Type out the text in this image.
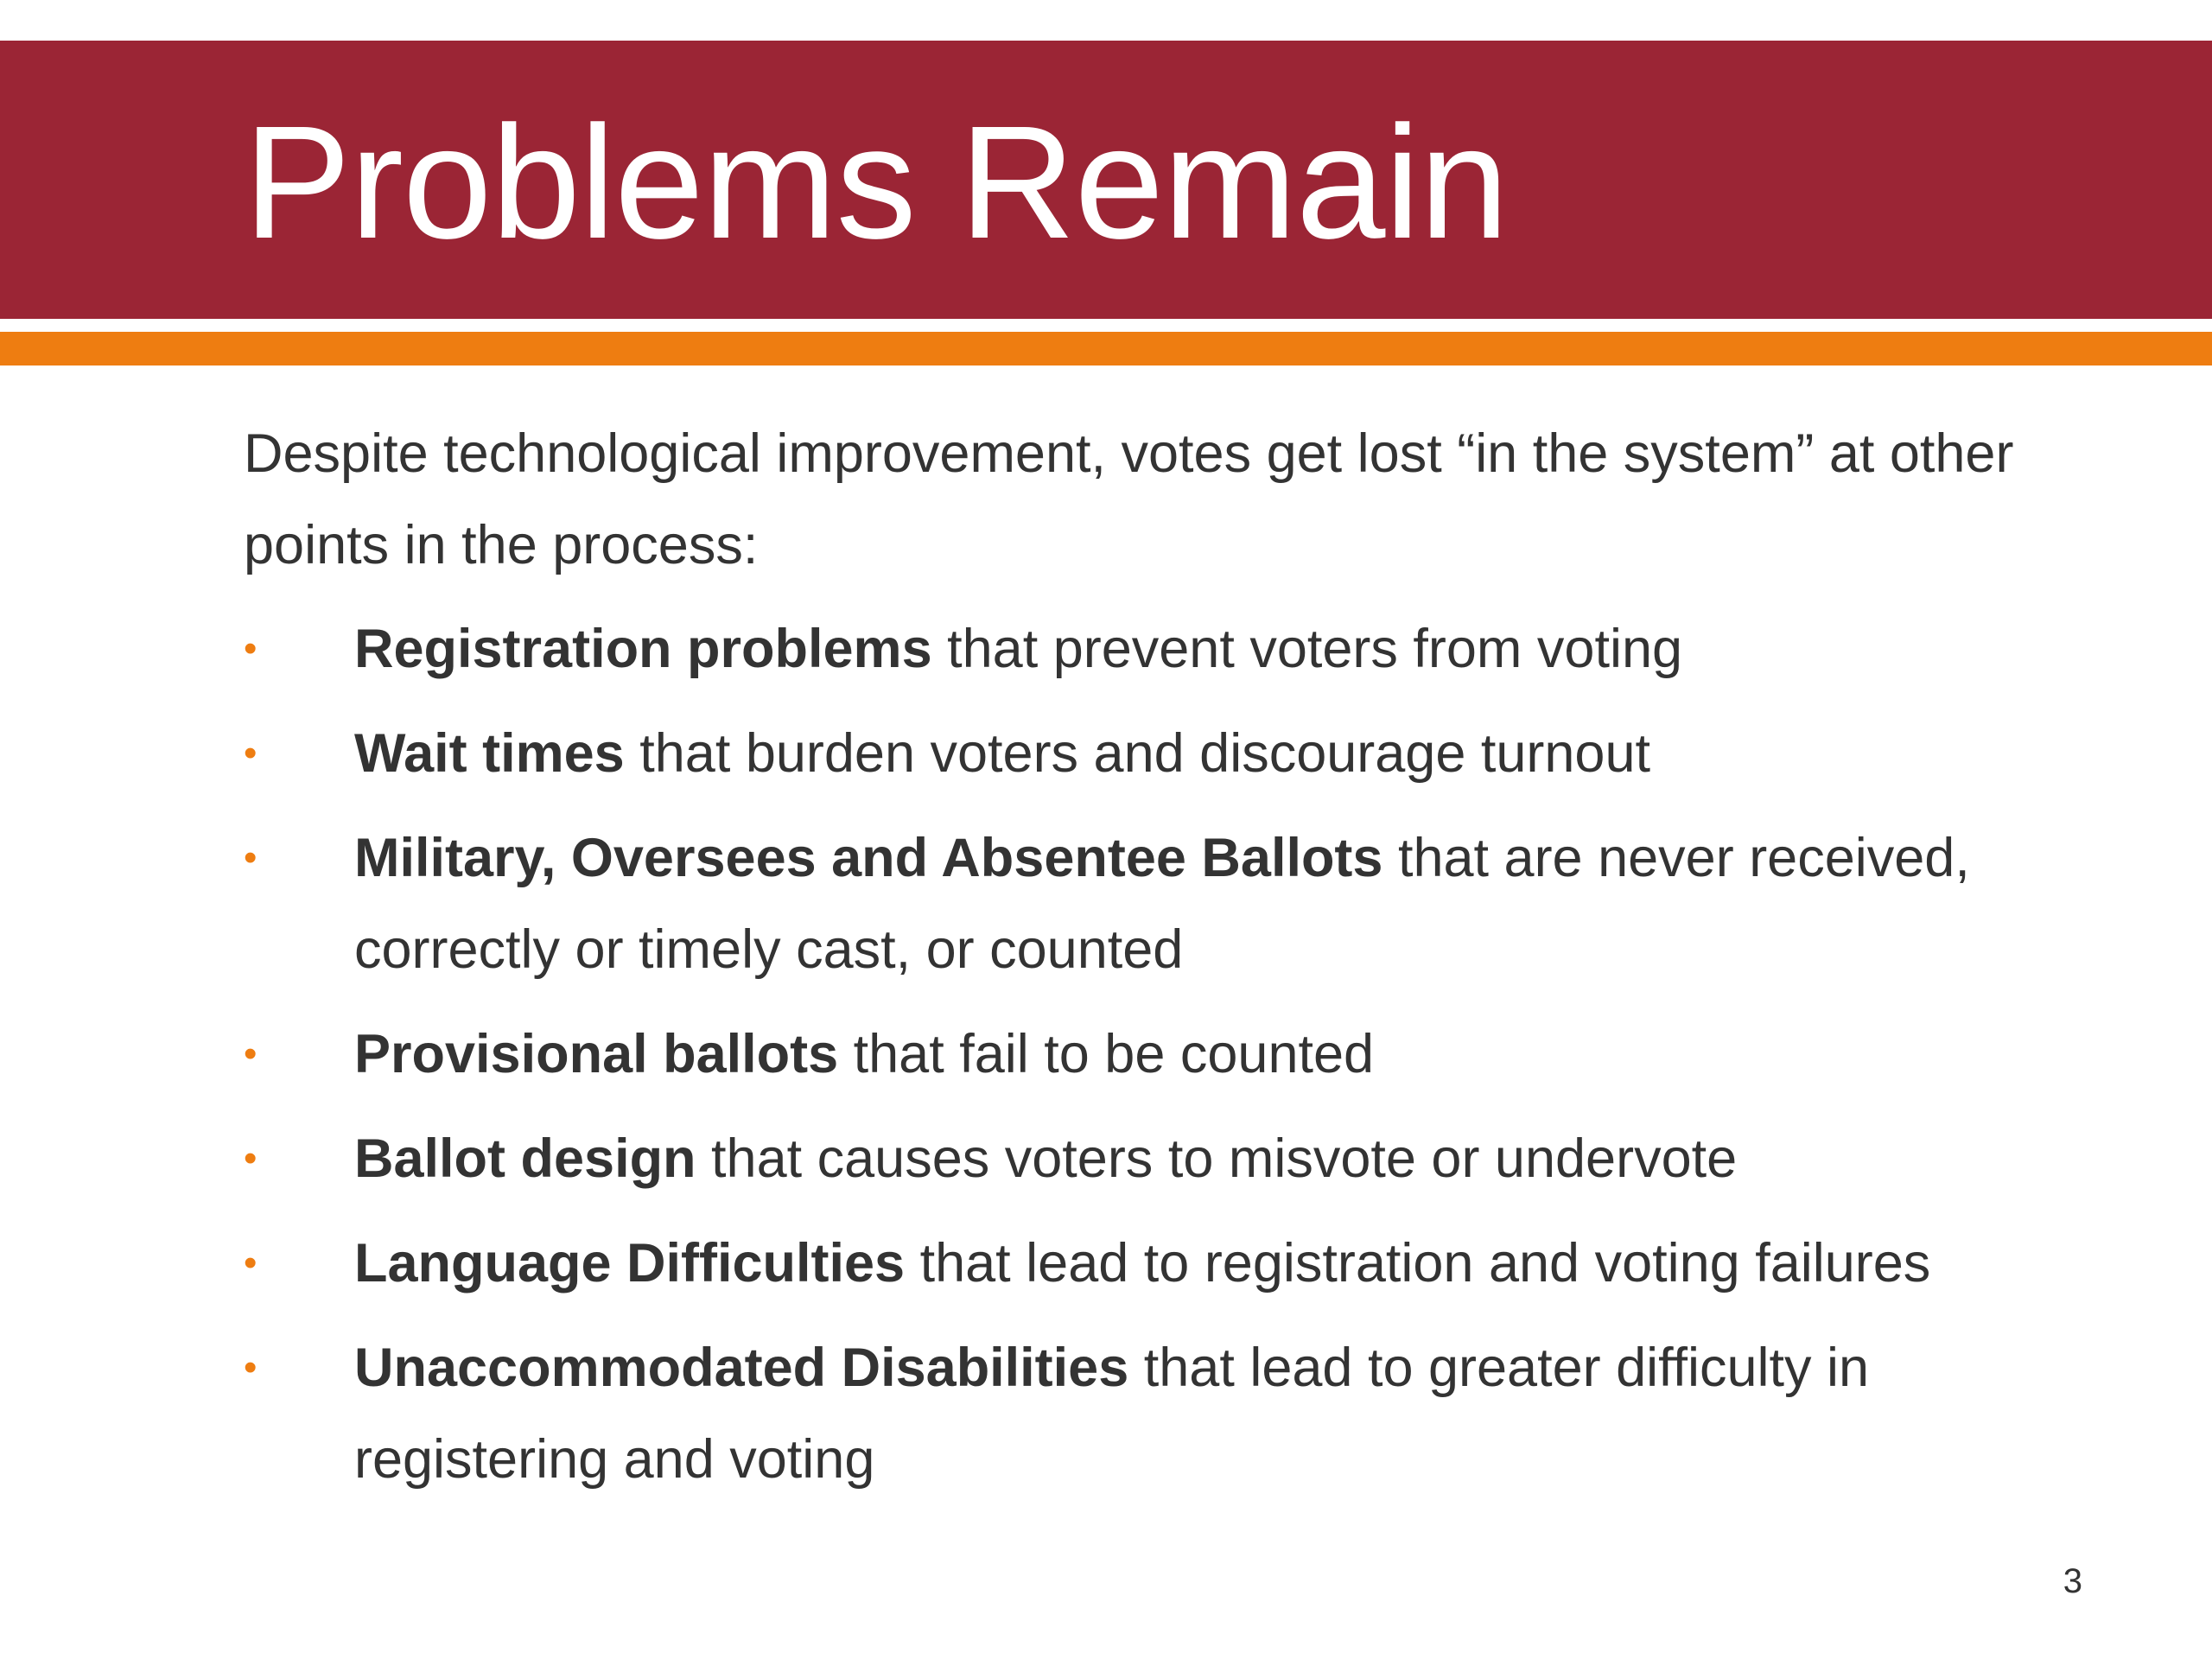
Problems Remain

Despite technological improvement, votes get lost “in the system” at other points in the process:

• Registration problems that prevent voters from voting
• Wait times that burden voters and discourage turnout
• Military, Oversees and Absentee Ballots that are never received, correctly or timely cast, or counted
• Provisional ballots that fail to be counted
• Ballot design that causes voters to misvote or undervote
• Language Difficulties that lead to registration and voting failures
• Unaccommodated Disabilities that lead to greater difficulty in registering and voting
3
